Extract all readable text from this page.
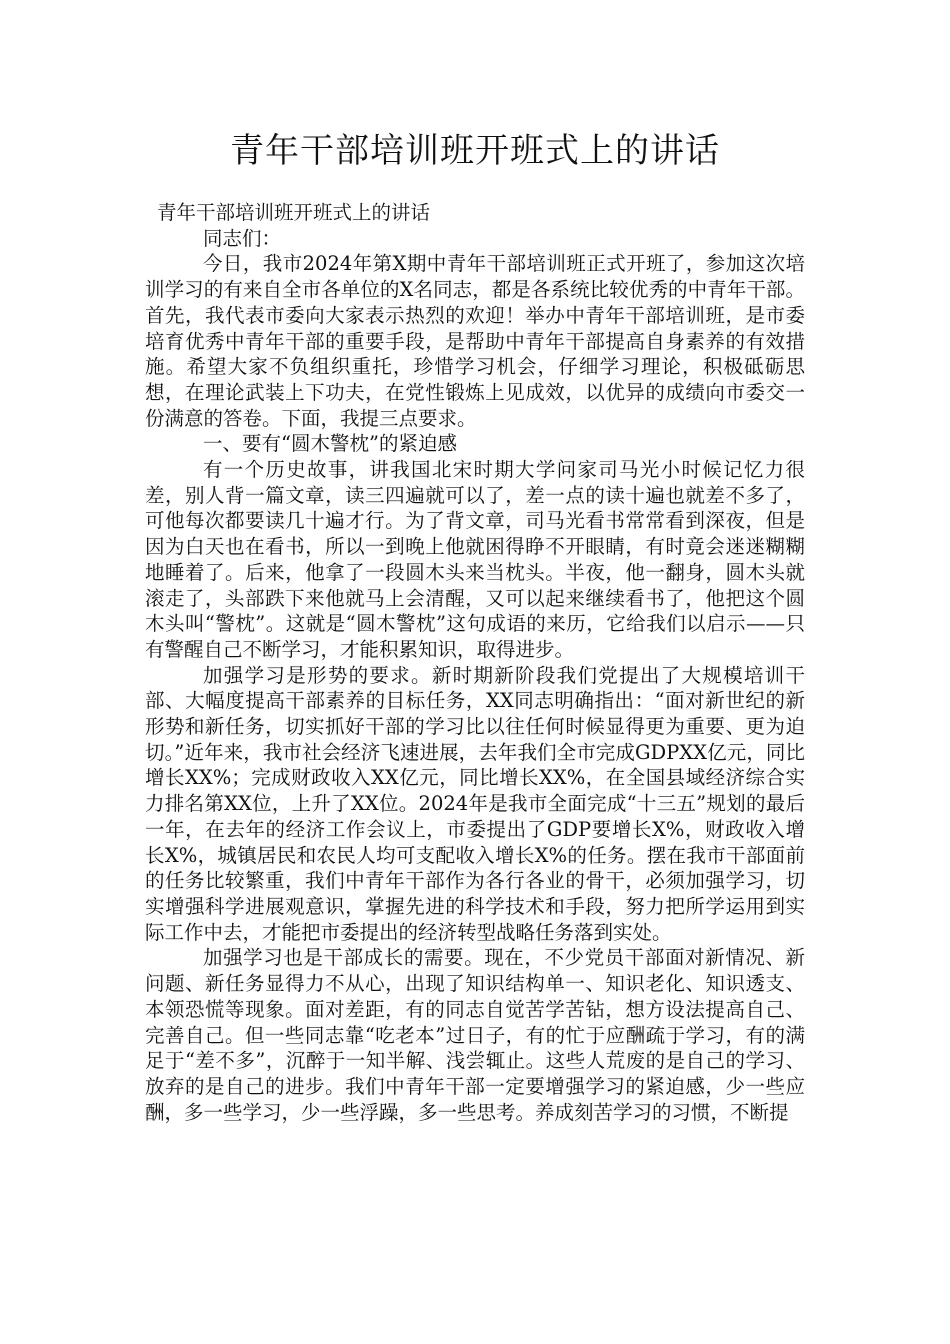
青年干部培训班开班式上的讲话

青年干部培训班开班式上的讲话

同志们：

今日，我市2024年第X期中青年干部培训班正式开班了，参加这次培训学习的有来自全市各单位的X名同志，都是各系统比较优秀的中青年干部。首先，我代表市委向大家表示热烈的欢迎！举办中青年干部培训班，是市委培育优秀中青年干部的重要手段，是帮助中青年干部提高自身素养的有效措施。希望大家不负组织重托，珍惜学习机会，仔细学习理论，积极砥砺思想，在理论武装上下功夫，在党性锻炼上见成效，以优异的成绩向市委交一份满意的答卷。下面，我提三点要求。

一、要有“圆木警枕”的紧迫感

有一个历史故事，讲我国北宋时期大学问家司马光小时候记忆力很差，别人背一篇文章，读三四遍就可以了，差一点的读十遍也就差不多了，可他每次都要读几十遍才行。为了背文章，司马光看书常常看到深夜，但是因为白天也在看书，所以一到晚上他就困得睁不开眼睛，有时竟会迷迷糊糊地睡着了。后来，他拿了一段圆木头来当枕头。半夜，他一翻身，圆木头就滚走了，头部跌下来他就马上会清醒，又可以起来继续看书了，他把这个圆木头叫“警枕”。这就是“圆木警枕”这句成语的来历，它给我们以启示——只有警醒自己不断学习，才能积累知识，取得进步。

加强学习是形势的要求。新时期新阶段我们党提出了大规模培训干部、大幅度提高干部素养的目标任务，XX同志明确指出：“面对新世纪的新形势和新任务，切实抓好干部的学习比以往任何时候显得更为重要、更为迫切。”近年来，我市社会经济飞速进展，去年我们全市完成GDPXX亿元，同比增长XX%；完成财政收入XX亿元，同比增长XX%，在全国县域经济综合实力排名第XX位，上升了XX位。2024年是我市全面完成“十三五”规划的最后一年，在去年的经济工作会议上，市委提出了GDP要增长X%，财政收入增长X%，城镇居民和农民人均可支配收入增长X%的任务。摆在我市干部面前的任务比较繁重，我们中青年干部作为各行各业的骨干，必须加强学习，切实增强科学进展观意识，掌握先进的科学技术和手段，努力把所学运用到实际工作中去，才能把市委提出的经济转型战略任务落到实处。

加强学习也是干部成长的需要。现在，不少党员干部面对新情况、新问题、新任务显得力不从心，出现了知识结构单一、知识老化、知识透支、本领恐慌等现象。面对差距，有的同志自觉苦学苦钻，想方设法提高自己、完善自己。但一些同志靠“吃老本”过日子，有的忙于应酬疏于学习，有的满足于“差不多”，沉醉于一知半解、浅尝辄止。这些人荒废的是自己的学习、放弃的是自己的进步。我们中青年干部一定要增强学习的紧迫感，少一些应酬，多一些学习，少一些浮躁，多一些思考。养成刻苦学习的习惯，不断提
